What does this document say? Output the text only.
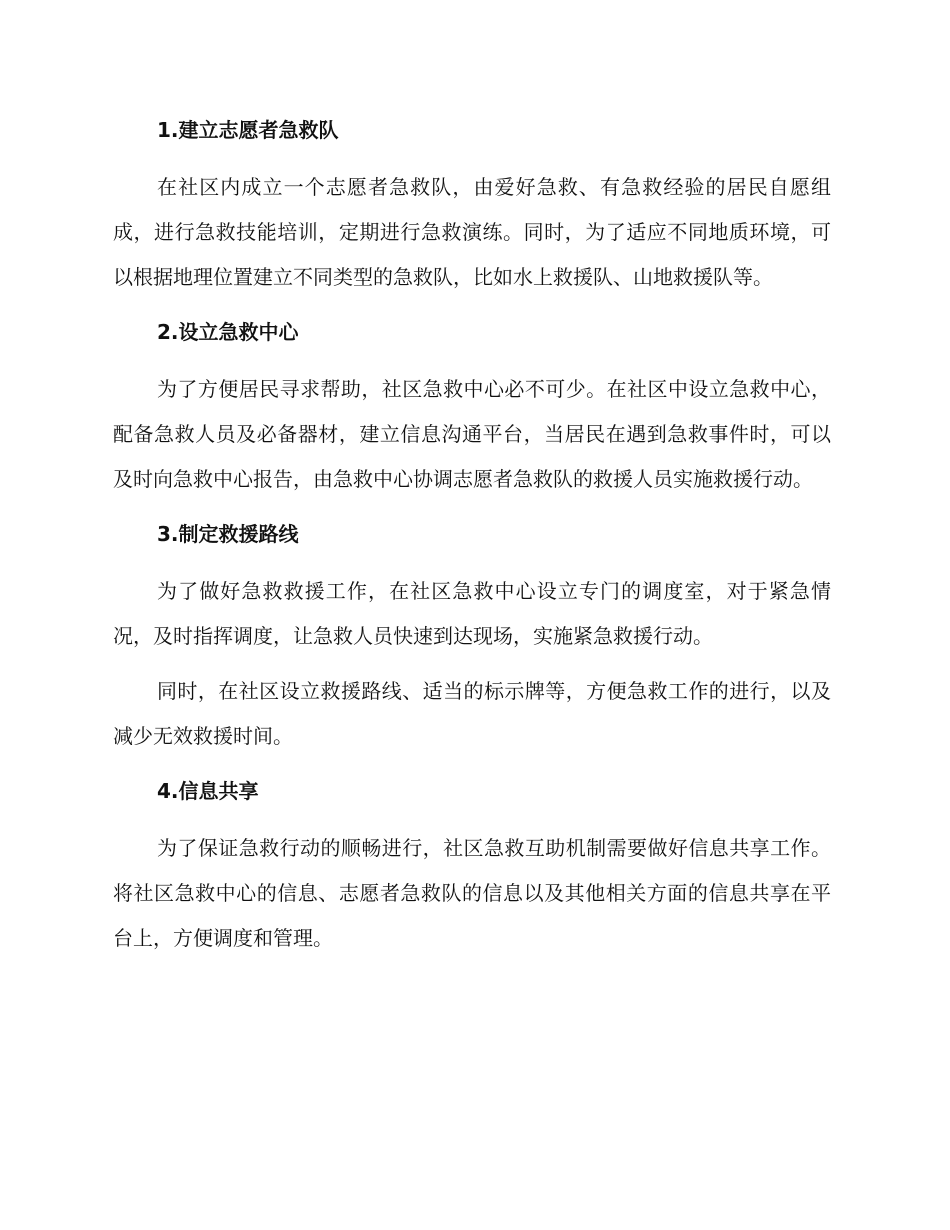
1.建立志愿者急救队

在社区内成立一个志愿者急救队，由爱好急救、有急救经验的居民自愿组成，进行急救技能培训，定期进行急救演练。同时，为了适应不同地质环境，可以根据地理位置建立不同类型的急救队，比如水上救援队、山地救援队等。

2.设立急救中心

为了方便居民寻求帮助，社区急救中心必不可少。在社区中设立急救中心，配备急救人员及必备器材，建立信息沟通平台，当居民在遇到急救事件时，可以及时向急救中心报告，由急救中心协调志愿者急救队的救援人员实施救援行动。

3.制定救援路线

为了做好急救救援工作，在社区急救中心设立专门的调度室，对于紧急情况，及时指挥调度，让急救人员快速到达现场，实施紧急救援行动。

同时，在社区设立救援路线、适当的标示牌等，方便急救工作的进行，以及减少无效救援时间。

4.信息共享

为了保证急救行动的顺畅进行，社区急救互助机制需要做好信息共享工作。将社区急救中心的信息、志愿者急救队的信息以及其他相关方面的信息共享在平台上，方便调度和管理。
